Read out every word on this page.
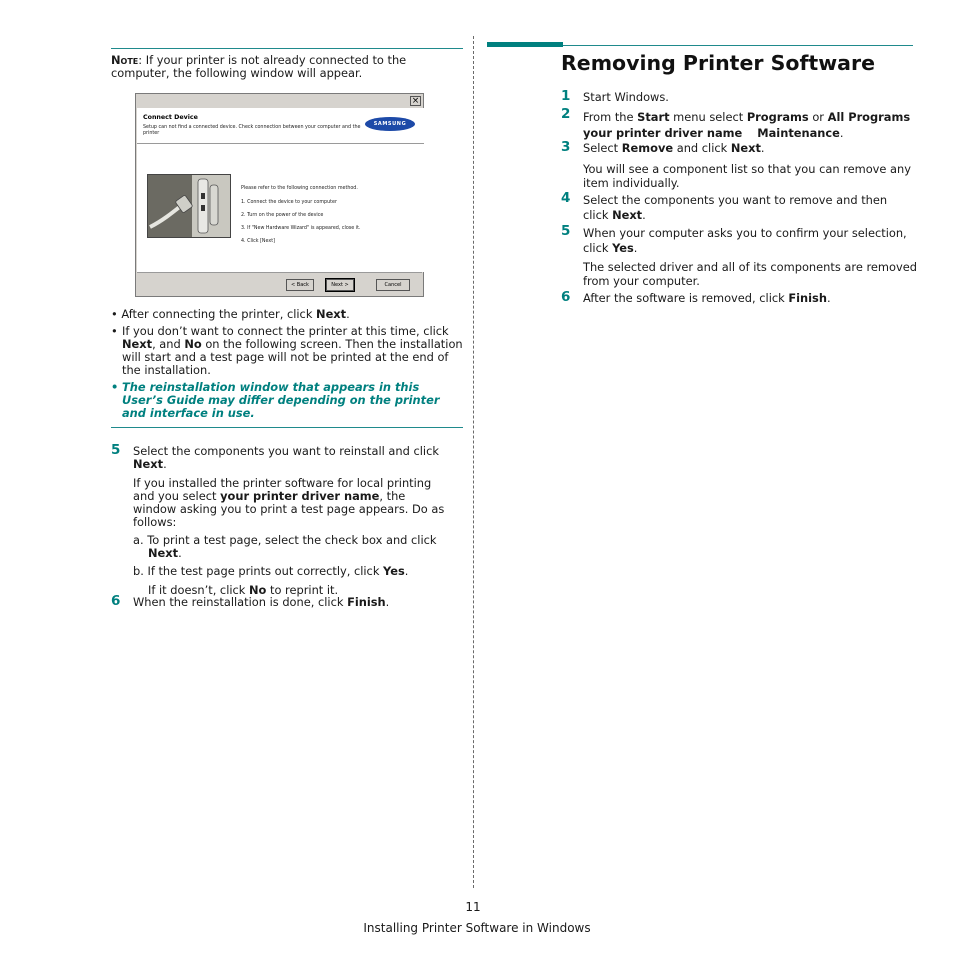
Note: If your printer is not already connected to the computer, the following window will appear.
×
Connect Device
Setup can not find a connected device. Check connection between your computer and the printer
SAMSUNG
Please refer to the following connection method.
1. Connect the device to your computer
2. Turn on the power of the device
3. If "New Hardware Wizard" is appeared, close it.
4. Click [Next]
< Back	Next >	Cancel
• After connecting the printer, click Next.
• If you don’t want to connect the printer at this time, click Next, and No on the following screen. Then the installation will start and a test page will not be printed at the end of the installation.
• The reinstallation window that appears in this User’s Guide may differ depending on the printer and interface in use.
5 Select the components you want to reinstall and click
Next.
If you installed the printer software for local printing and you select your printer driver name, the window asking you to print a test page appears. Do as follows:
a. To print a test page, select the check box and click
Next.
b. If the test page prints out correctly, click Yes.
If it doesn’t, click No to reprint it.
6 When the reinstallation is done, click Finish.
Removing Printer Software
1 Start Windows.
2 From the Start menu select Programs or All Programs
your printer driver name Maintenance.
3 Select Remove and click Next.
You will see a component list so that you can remove any item individually.
4 Select the components you want to remove and then click Next.
5 When your computer asks you to confirm your selection, click Yes.
The selected driver and all of its components are removed from your computer.
6 After the software is removed, click Finish.
11
Installing Printer Software in Windows
